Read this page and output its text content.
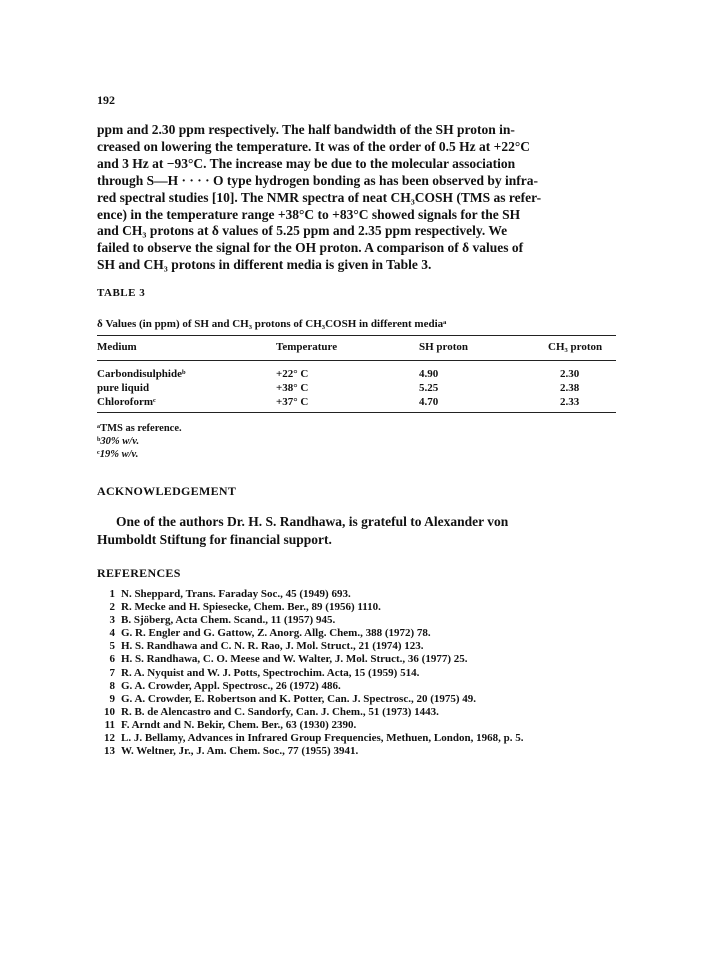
192
ppm and 2.30 ppm respectively. The half bandwidth of the SH proton in-
creased on lowering the temperature. It was of the order of 0.5 Hz at +22°C
and 3 Hz at −93°C. The increase may be due to the molecular association
through S—H · · · · O type hydrogen bonding as has been observed by infra-
red spectral studies [10]. The NMR spectra of neat CH₃COSH (TMS as refer-
ence) in the temperature range +38°C to +83°C showed signals for the SH
and CH₃ protons at δ values of 5.25 ppm and 2.35 ppm respectively. We
failed to observe the signal for the OH proton. A comparison of δ values of
SH and CH₃ protons in different media is given in Table 3.
TABLE 3
δ Values (in ppm) of SH and CH₃ protons of CH₃COSH in different mediaᵃ
Medium	Temperature	SH proton	CH₃ proton
Carbondisulphideᵇ	+22° C	4.90	2.30
pure liquid	+38° C	5.25	2.38
Chloroformᶜ	+37° C	4.70	2.33
ᵃTMS as reference.
ᵇ30% w/v.
ᶜ19% w/v.
ACKNOWLEDGEMENT
One of the authors Dr. H. S. Randhawa, is grateful to Alexander von
Humboldt Stiftung for financial support.
REFERENCES
1 N. Sheppard, Trans. Faraday Soc., 45 (1949) 693.
2 R. Mecke and H. Spiesecke, Chem. Ber., 89 (1956) 1110.
3 B. Sjöberg, Acta Chem. Scand., 11 (1957) 945.
4 G. R. Engler and G. Gattow, Z. Anorg. Allg. Chem., 388 (1972) 78.
5 H. S. Randhawa and C. N. R. Rao, J. Mol. Struct., 21 (1974) 123.
6 H. S. Randhawa, C. O. Meese and W. Walter, J. Mol. Struct., 36 (1977) 25.
7 R. A. Nyquist and W. J. Potts, Spectrochim. Acta, 15 (1959) 514.
8 G. A. Crowder, Appl. Spectrosc., 26 (1972) 486.
9 G. A. Crowder, E. Robertson and K. Potter, Can. J. Spectrosc., 20 (1975) 49.
10 R. B. de Alencastro and C. Sandorfy, Can. J. Chem., 51 (1973) 1443.
11 F. Arndt and N. Bekir, Chem. Ber., 63 (1930) 2390.
12 L. J. Bellamy, Advances in Infrared Group Frequencies, Methuen, London, 1968, p. 5.
13 W. Weltner, Jr., J. Am. Chem. Soc., 77 (1955) 3941.
